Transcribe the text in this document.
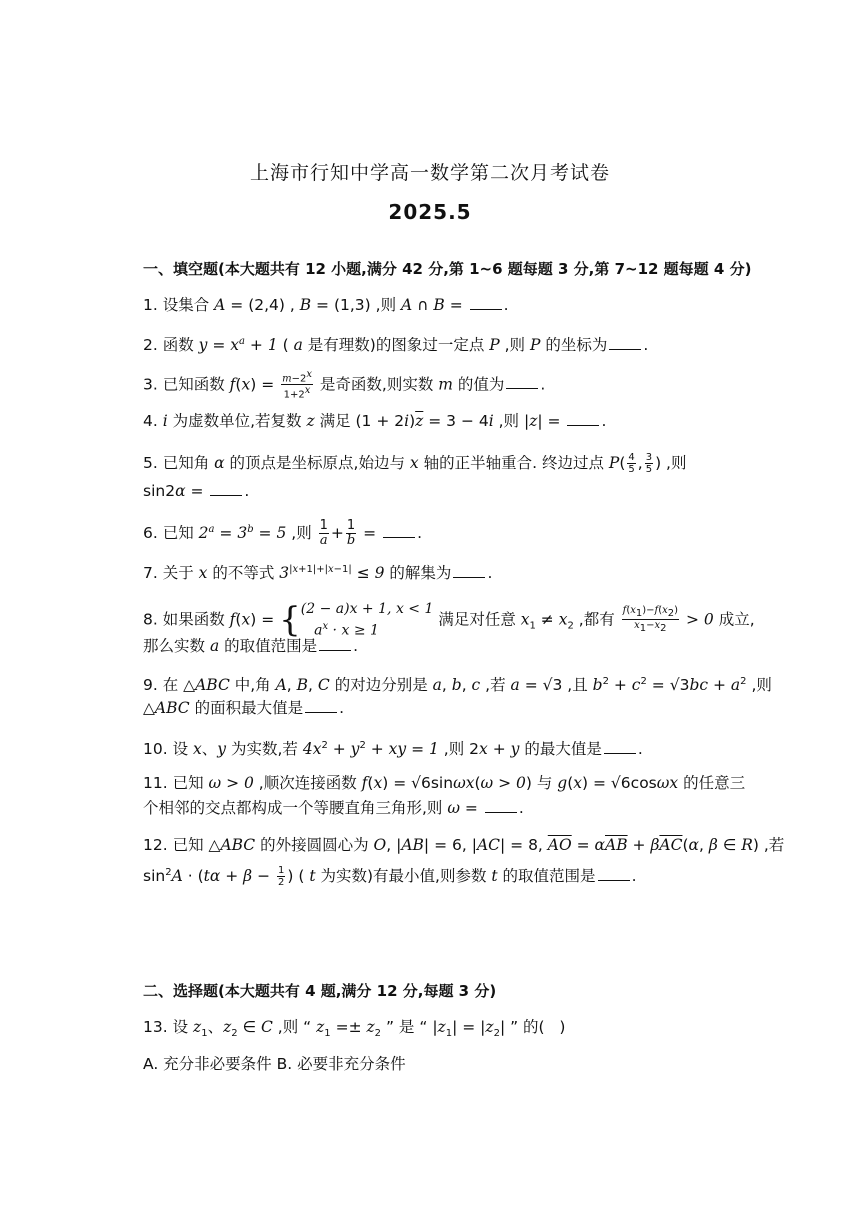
上海市行知中学高一数学第二次月考试卷
2025.5
一、填空题(本大题共有 12 小题,满分 42 分,第 1~6 题每题 3 分,第 7~12 题每题 4 分)
1. 设集合 A = (2,4) , B = (1,3) ,则 A ∩ B = .
2. 函数 $y = x^a + 1$ ( a 是有理数)的图象过一定点 P ,则 P 的坐标为 .
3. 已知函数 $f(x) = \frac{m-2^x}{1+2^x}$ 是奇函数,则实数 m 的值为 .
4. i 为虚数单位,若复数 z 满足 $(1 + 2i)\overline{z} = 3 - 4i$ ,则 |z| = .
5. 已知角 α 的顶点是坐标原点,始边与 x 轴的正半轴重合. 终边过点 $P( \frac{4}{5}$ , $\frac{3}{5}$ ) ,则
sin2α = .
6. 已知 $2^a = 3^b = 5$ ,则 $\frac{1}{a} + \frac{1}{b}$ = .
7. 关于 x 的不等式 $3^{|x+1|+|x-1|} \le 9$ 的解集为 .
8. 如果函数 f(x) = {(2 − a)x + 1, x < 1
$a^x \cdot x \ge 1$ 满足对任意 $x_1 \ne x_2$ ,都有 $\frac{f(x_1)-f(x_2)}{x_1-x_2} > 0$ 成立,
那么实数 a 的取值范围是 .
9. 在 △ABC 中,角 A, B, C 的对边分别是 a, b, c ,若 a = √3 ,且 $b^2 + c^2 = √3bc + a^2$ ,则
△ABC 的面积最大值是 .
10. 设 x、y 为实数,若 $4x^2 + y^2$ + xy = 1 ,则 2x + y 的最大值是 .
11. 已知 ω > 0 ,顺次连接函数 f(x) = √6sinωx(ω > 0) 与 g(x) = √6cosωx 的任意三
个相邻的交点都构成一个等腰直角三角形,则 ω = .
12. 已知 △ABC 的外接圆圆心为 O, |AB| = 6, |AC| = 8, $\overline{AO} = \alpha\overline{AB} + \beta\overline{AC}(\alpha$, β ∈ R) ,若
$\sin^2A \cdot (t\alpha + \beta - \frac{1}{2}$ ) ( t 为实数)有最小值,则参数 t 的取值范围是 .
二、选择题(本大题共有 4 题,满分 12 分,每题 3 分)
13. 设 $z_1$、$z_2$ ∈ C ,则 “ $z_1 =\pm z_2$ ” 是 “ $|z_1| = |z_2|$ ” 的(   )
A. 充分非必要条件 B. 必要非充分条件
